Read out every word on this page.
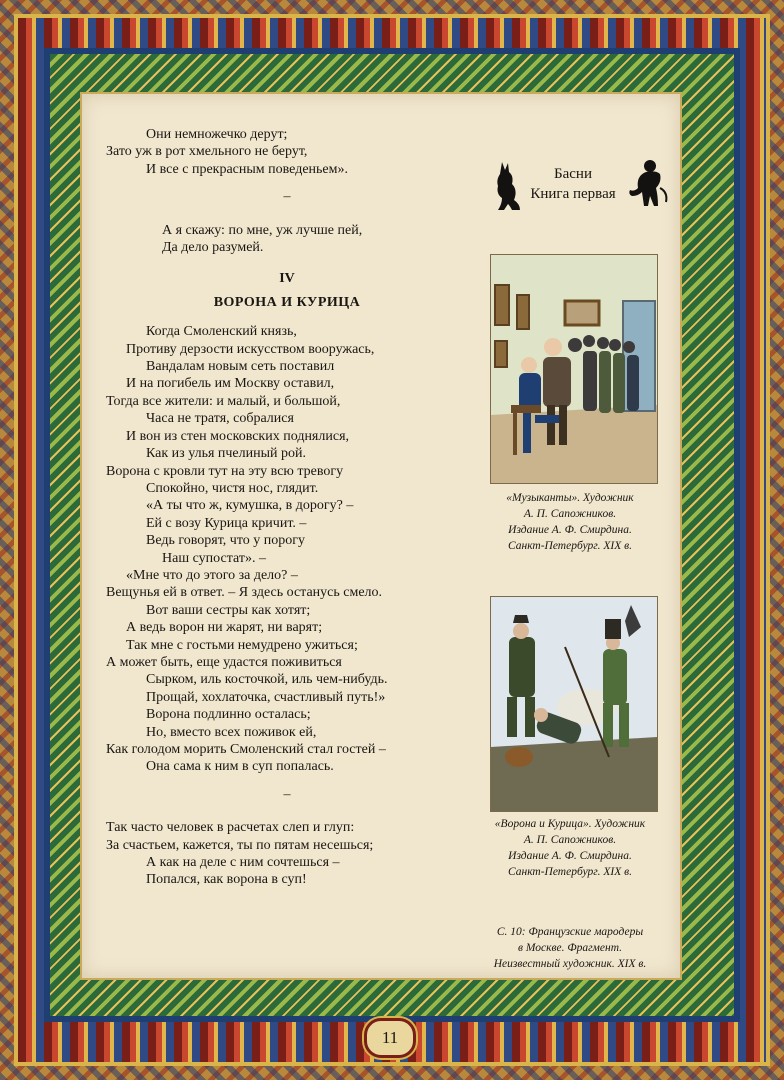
Они немножечко дерут;
Зато уж в рот хмельного не берут,
И все с прекрасным поведеньем».
–
А я скажу: по мне, уж лучше пей,
Да дело разумей.
IV
ВОРОНА И КУРИЦА
Когда Смоленский князь,
Противу дерзости искусством вооружась,
Вандалам новым сеть поставил
И на погибель им Москву оставил,
Тогда все жители: и малый, и большой,
Часа не тратя, собралися
И вон из стен московских поднялися,
Как из улья пчелиный рой.
Ворона с кровли тут на эту всю тревогу
Спокойно, чистя нос, глядит.
«А ты что ж, кумушка, в дорогу? –
Ей с возу Курица кричит. –
Ведь говорят, что у порогу
Наш супостат». –
«Мне что до этого за дело? –
Вещунья ей в ответ. – Я здесь останусь смело.
Вот ваши сестры как хотят;
А ведь ворон ни жарят, ни варят;
Так мне с гостьми немудрено ужиться;
А может быть, еще удастся поживиться
Сырком, иль косточкой, иль чем-нибудь.
Прощай, хохлаточка, счастливый путь!»
Ворона подлинно осталась;
Но, вместо всех поживок ей,
Как голодом морить Смоленский стал гостей –
Она сама к ним в суп попалась.
–
Так часто человек в расчетах слеп и глуп:
За счастьем, кажется, ты по пятам несешься;
А как на деле с ним сочтешься –
Попался, как ворона в суп!
Басни
Книга первая
«Музыканты». Художник
А. П. Сапожников.
Издание А. Ф. Смирдина.
Санкт-Петербург. XIX в.
«Ворона и Курица». Художник
А. П. Сапожников.
Издание А. Ф. Смирдина.
Санкт-Петербург. XIX в.
С. 10: Французские мародеры
в Москве. Фрагмент.
Неизвестный художник. XIX в.
11
